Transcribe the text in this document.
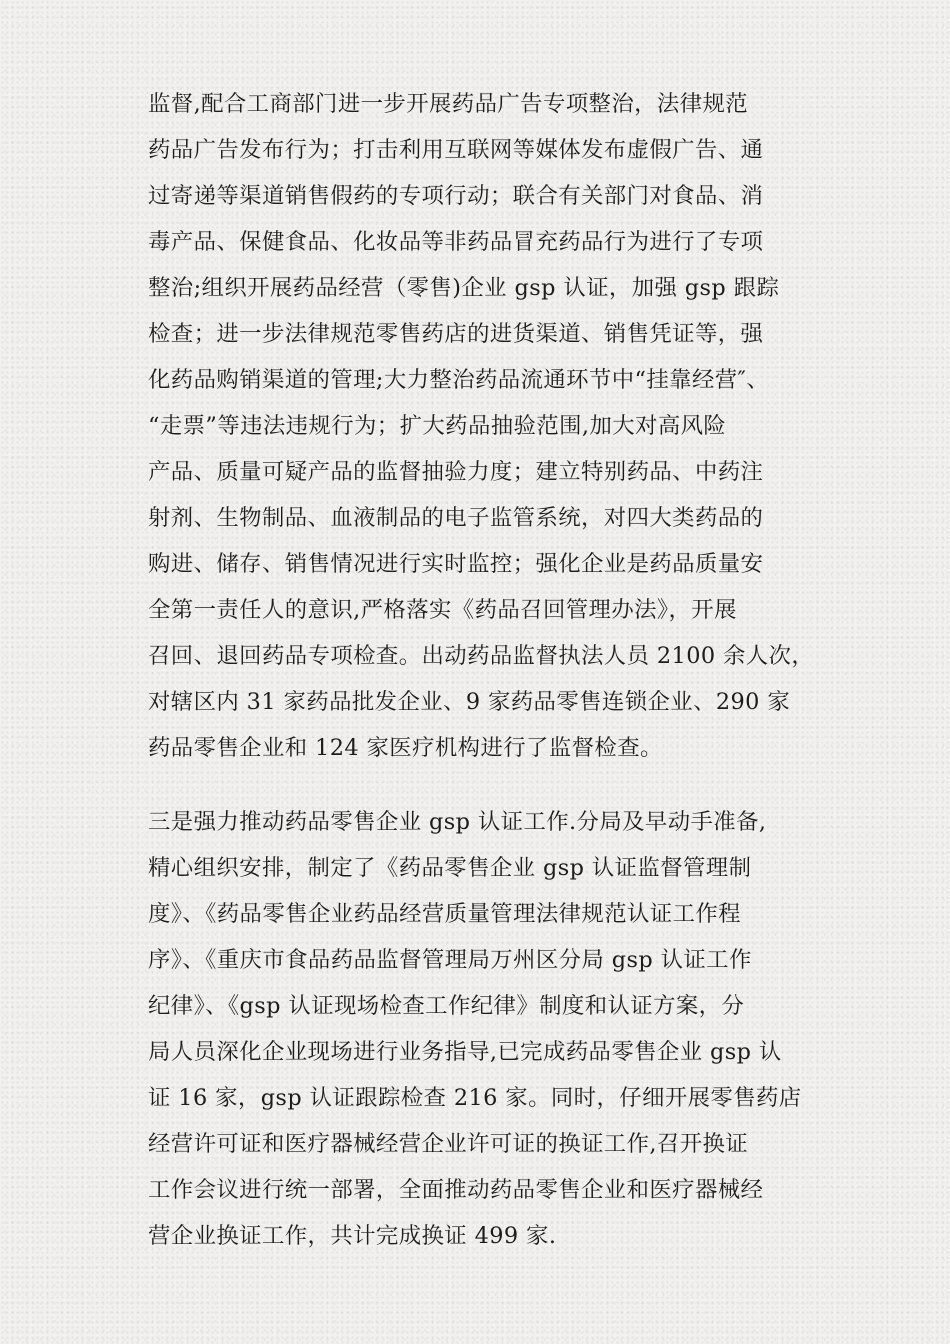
监督,配合工商部门进一步开展药品广告专项整治，法律规范
药品广告发布行为；打击利用互联网等媒体发布虚假广告、通
过寄递等渠道销售假药的专项行动；联合有关部门对食品、消
毒产品、保健食品、化妆品等非药品冒充药品行为进行了专项
整治;组织开展药品经营（零售)企业 gsp 认证，加强 gsp 跟踪
检查；进一步法律规范零售药店的进货渠道、销售凭证等，强
化药品购销渠道的管理;大力整治药品流通环节中“挂靠经营″、
“走票”等违法违规行为；扩大药品抽验范围,加大对高风险
产品、质量可疑产品的监督抽验力度；建立特别药品、中药注
射剂、生物制品、血液制品的电子监管系统，对四大类药品的
购进、储存、销售情况进行实时监控；强化企业是药品质量安
全第一责任人的意识,严格落实《药品召回管理办法》，开展
召回、退回药品专项检查。出动药品监督执法人员 2100 余人次，
对辖区内 31 家药品批发企业、9 家药品零售连锁企业、290 家
药品零售企业和 124 家医疗机构进行了监督检查。
三是强力推动药品零售企业 gsp 认证工作.分局及早动手准备,
精心组织安排，制定了《药品零售企业 gsp 认证监督管理制
度》、《药品零售企业药品经营质量管理法律规范认证工作程
序》、《重庆市食品药品监督管理局万州区分局 gsp 认证工作
纪律》、《gsp 认证现场检查工作纪律》制度和认证方案，分
局人员深化企业现场进行业务指导,已完成药品零售企业 gsp 认
证 16 家，gsp 认证跟踪检查 216 家。同时，仔细开展零售药店
经营许可证和医疗器械经营企业许可证的换证工作,召开换证
工作会议进行统一部署，全面推动药品零售企业和医疗器械经
营企业换证工作，共计完成换证 499 家.
